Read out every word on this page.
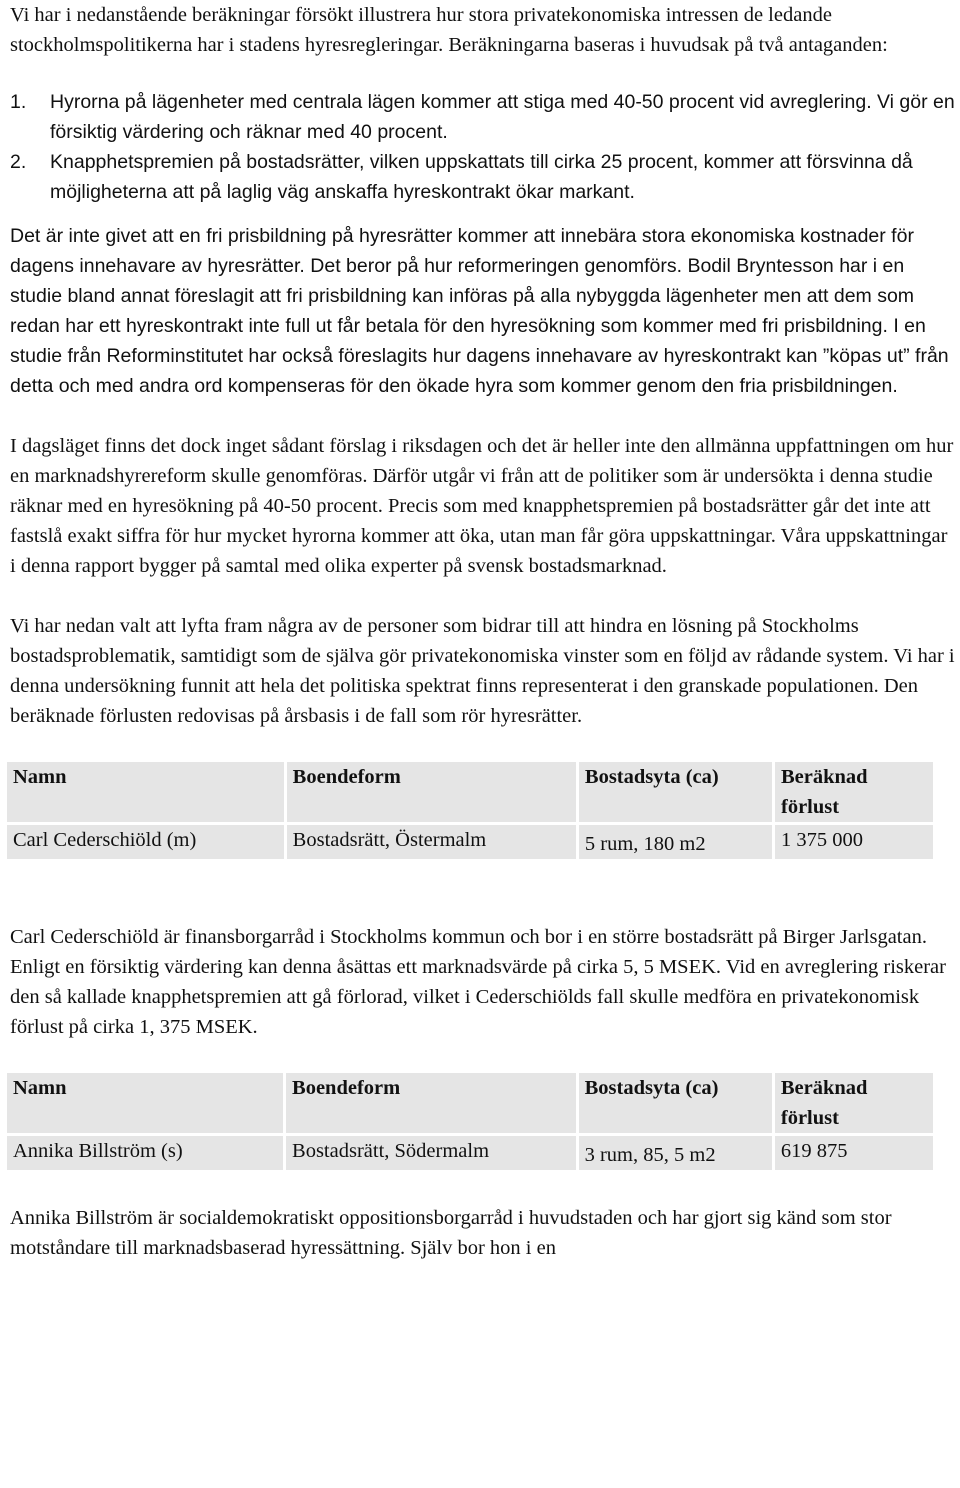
Vi har i nedanstående beräkningar försökt illustrera hur stora privatekonomiska intressen de ledande stockholmspolitikerna har i stadens hyresregleringar. Beräkningarna baseras i huvudsak på två antaganden:

1. Hyrorna på lägenheter med centrala lägen kommer att stiga med 40-50 procent vid avreglering. Vi gör en försiktig värdering och räknar med 40 procent.
2. Knapphetspremien på bostadsrätter, vilken uppskattats till cirka 25 procent, kommer att försvinna då möjligheterna att på laglig väg anskaffa hyreskontrakt ökar markant.

Det är inte givet att en fri prisbildning på hyresrätter kommer att innebära stora ekonomiska kostnader för dagens innehavare av hyresrätter. Det beror på hur reformeringen genomförs. Bodil Bryntesson har i en studie bland annat föreslagit att fri prisbildning kan införas på alla nybyggda lägenheter men att dem som redan har ett hyreskontrakt inte full ut får betala för den hyresökning som kommer med fri prisbildning. I en studie från Reforminstitutet har också föreslagits hur dagens innehavare av hyreskontrakt kan ”köpas ut” från detta och med andra ord kompenseras för den ökade hyra som kommer genom den fria prisbildningen.

I dagsläget finns det dock inget sådant förslag i riksdagen och det är heller inte den allmänna uppfattningen om hur en marknadshyrereform skulle genomföras. Därför utgår vi från att de politiker som är undersökta i denna studie räknar med en hyresökning på 40-50 procent. Precis som med knapphetspremien på bostadsrätter går det inte att fastslå exakt siffra för hur mycket hyrorna kommer att öka, utan man får göra uppskattningar. Våra uppskattningar i denna rapport bygger på samtal med olika experter på svensk bostadsmarknad.

Vi har nedan valt att lyfta fram några av de personer som bidrar till att hindra en lösning på Stockholms bostadsproblematik, samtidigt som de själva gör privatekonomiska vinster som en följd av rådande system. Vi har i denna undersökning funnit att hela det politiska spektrat finns representerat i den granskade populationen. Den beräknade förlusten redovisas på årsbasis i de fall som rör hyresrätter.

Namn	Boendeform	Bostadsyta (ca)	Beräknad förlust
Carl Cederschiöld (m)	Bostadsrätt, Östermalm	5 rum, 180 m2	1 375 000

Carl Cederschiöld är finansborgarråd i Stockholms kommun och bor i en större bostadsrätt på Birger Jarlsgatan. Enligt en försiktig värdering kan denna åsättas ett marknadsvärde på cirka 5, 5 MSEK. Vid en avreglering riskerar den så kallade knapphetspremien att gå förlorad, vilket i Cederschiölds fall skulle medföra en privatekonomisk förlust på cirka 1, 375 MSEK.

Namn	Boendeform	Bostadsyta (ca)	Beräknad förlust
Annika Billström (s)	Bostadsrätt, Södermalm	3 rum, 85, 5 m2	619 875

Annika Billström är socialdemokratiskt oppositionsborgarråd i huvudstaden och har gjort sig känd som stor motståndare till marknadsbaserad hyressättning. Själv bor hon i en
